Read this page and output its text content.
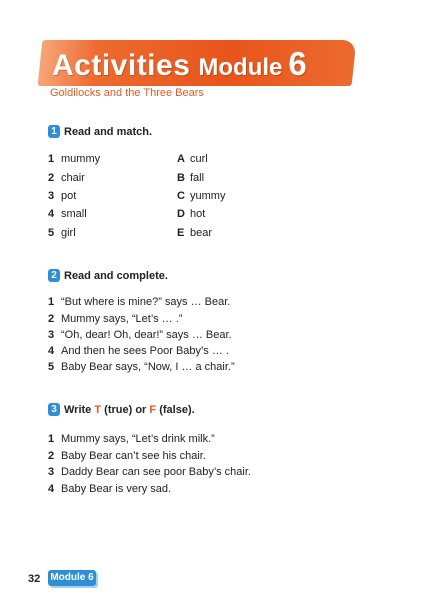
Activities Module 6
Goldilocks and the Three Bears
1 Read and match.
1 mummy
2 chair
3 pot
4 small
5 girl
A curl
B fall
C yummy
D hot
E bear
2 Read and complete.
1 “But where is mine?” says … Bear.
2 Mummy says, “Let’s … .”
3 “Oh, dear! Oh, dear!” says … Bear.
4 And then he sees Poor Baby’s … .
5 Baby Bear says, “Now, I … a chair.”
3 Write
T
(true) or
F
(false).
1 Mummy says, “Let’s drink milk.”
2 Baby Bear can’t see his chair.
3 Daddy Bear can see poor Baby’s chair.
4 Baby Bear is very sad.
32 Module 6
